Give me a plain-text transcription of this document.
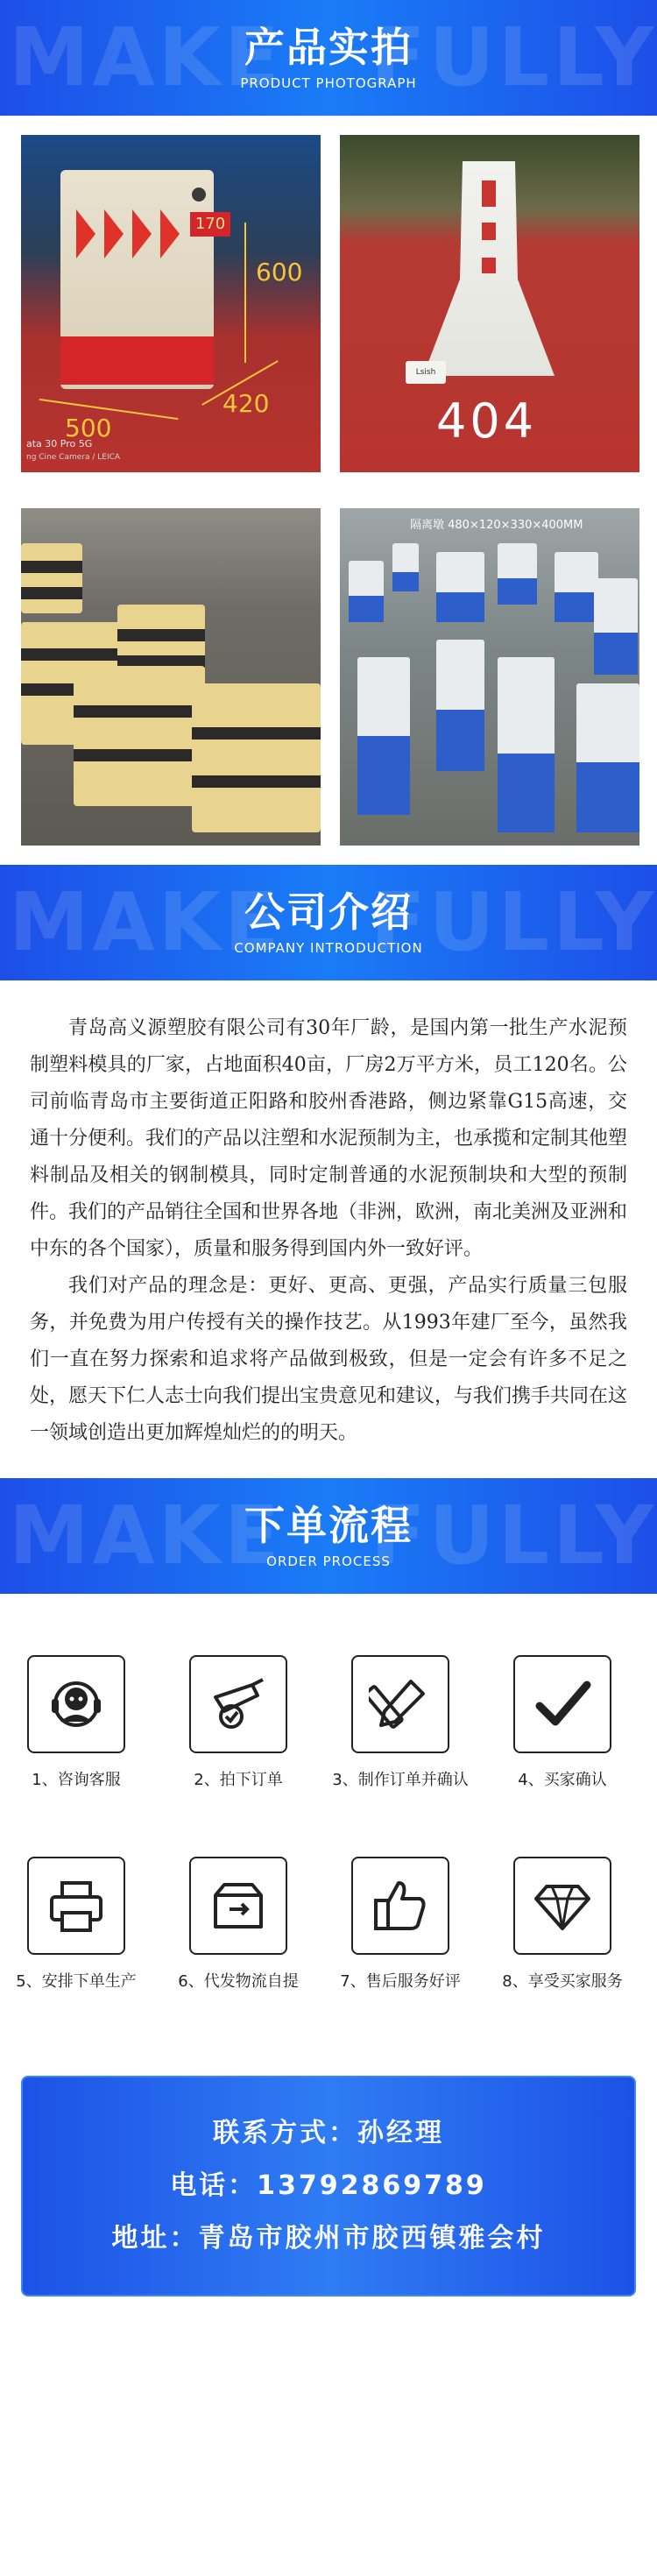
MAKE FULLY
产品实拍
PRODUCT PHOTOGRAPH
170
600
420
500
ata 30 Pro 5G
ng Cine Camera / LEICA
Lsish
404
隔离墩 480×120×330×400MM
MAKE FULLY
公司介绍
COMPANY INTRODUCTION

青岛高义源塑胶有限公司有30年厂龄，是国内第一批生产水泥预制塑料模具的厂家，占地面积40亩，厂房2万平方米，员工120名。公司前临青岛市主要街道正阳路和胶州香港路，侧边紧靠G15高速，交通十分便利。我们的产品以注塑和水泥预制为主，也承揽和定制其他塑料制品及相关的钢制模具，同时定制普通的水泥预制块和大型的预制件。我们的产品销往全国和世界各地（非洲，欧洲，南北美洲及亚洲和中东的各个国家），质量和服务得到国内外一致好评。

我们对产品的理念是：更好、更高、更强，产品实行质量三包服务，并免费为用户传授有关的操作技艺。从1993年建厂至今，虽然我们一直在努力探索和追求将产品做到极致，但是一定会有许多不足之处，愿天下仁人志士向我们提出宝贵意见和建议，与我们携手共同在这一领域创造出更加辉煌灿烂的的明天。

MAKE FULLY
下单流程
ORDER PROCESS
1、咨询客服	2、拍下订单	3、制作订单并确认	4、买家确认
5、安排下单生产	6、代发物流自提	7、售后服务好评	8、享受买家服务
联系方式：孙经理
电话：13792869789
地址：青岛市胶州市胶西镇雅会村
